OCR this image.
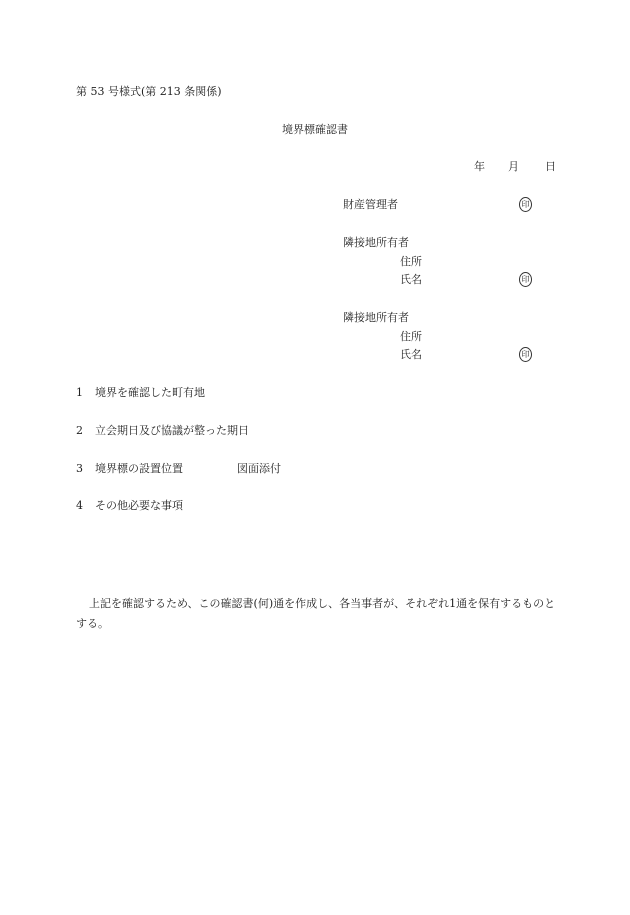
第 53 号様式(第 213 条関係)
境界標確認書
年 月 日
財産管理者	印
隣接地所有者
住所
氏名	印
隣接地所有者
住所
氏名	印
1 境界を確認した町有地
2 立会期日及び協議が整った期日
3 境界標の設置位置	図面添付
4 その他必要な事項
上記を確認するため、この確認書(何)通を作成し、各当事者が、それぞれ1通を保有するものとする。
